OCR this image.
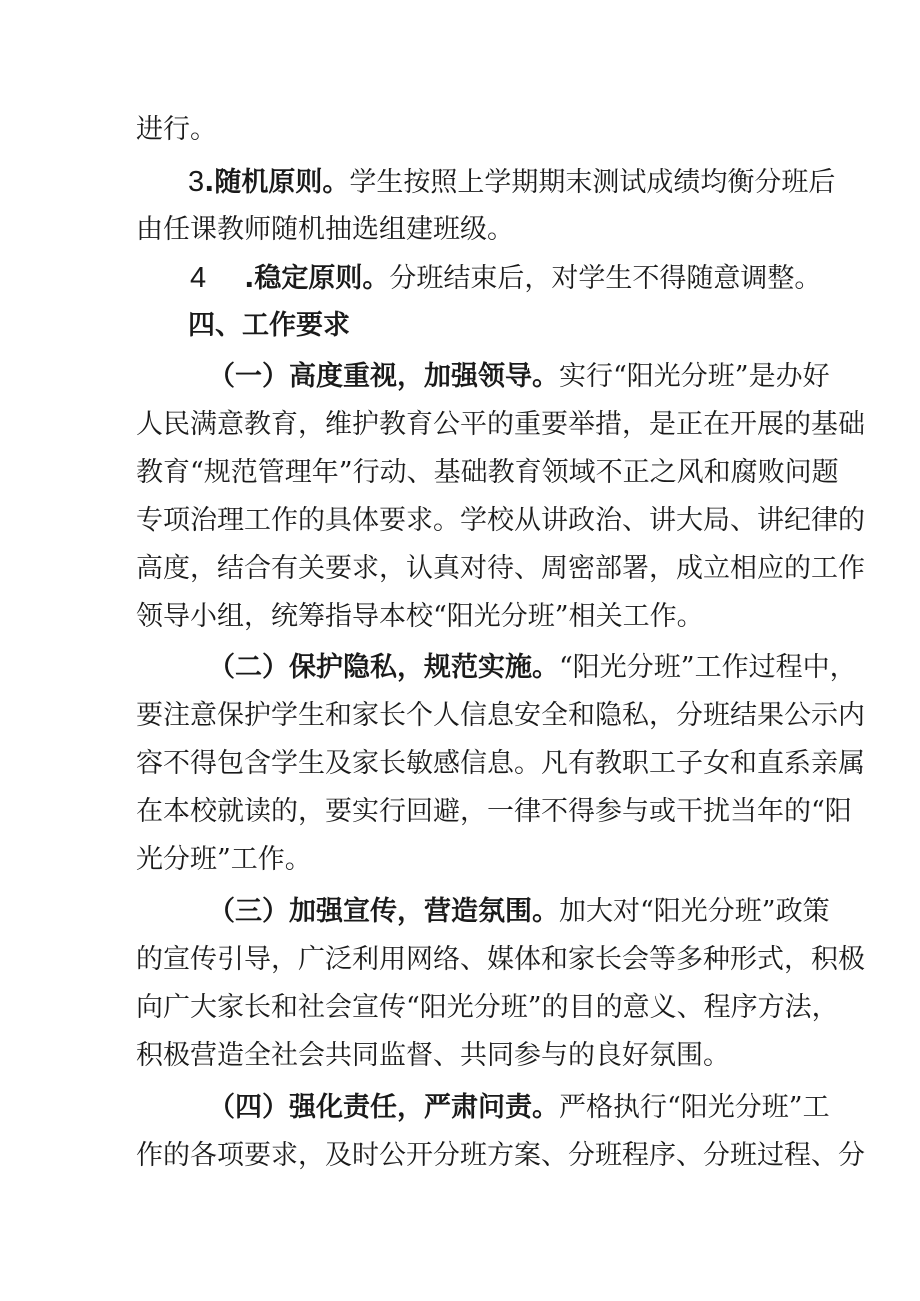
进行。
3.随机原则。学生按照上学期期末测试成绩均衡分班后
由任课教师随机抽选组建班级。
4 .稳定原则。分班结束后，对学生不得随意调整。
四、工作要求
（一）高度重视，加强领导。实行“阳光分班”是办好
人民满意教育，维护教育公平的重要举措，是正在开展的基础
教育“规范管理年”行动、基础教育领域不正之风和腐败问题
专项治理工作的具体要求。学校从讲政治、讲大局、讲纪律的
高度，结合有关要求，认真对待、周密部署，成立相应的工作
领导小组，统筹指导本校“阳光分班”相关工作。
（二）保护隐私，规范实施。“阳光分班”工作过程中，
要注意保护学生和家长个人信息安全和隐私，分班结果公示内
容不得包含学生及家长敏感信息。凡有教职工子女和直系亲属
在本校就读的，要实行回避，一律不得参与或干扰当年的“阳
光分班”工作。
（三）加强宣传，营造氛围。加大对“阳光分班”政策
的宣传引导，广泛利用网络、媒体和家长会等多种形式，积极
向广大家长和社会宣传“阳光分班”的目的意义、程序方法，
积极营造全社会共同监督、共同参与的良好氛围。
（四）强化责任，严肃问责。严格执行“阳光分班”工
作的各项要求，及时公开分班方案、分班程序、分班过程、分
